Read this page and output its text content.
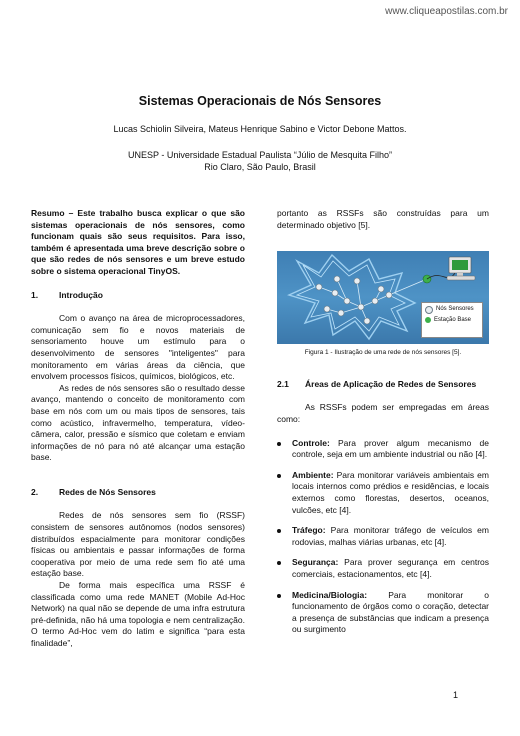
www.cliqueapostilas.com.br
Sistemas Operacionais de Nós Sensores
Lucas Schiolin Silveira, Mateus Henrique Sabino e Victor Debone Mattos.
UNESP - Universidade Estadual Paulista “Júlio de Mesquita Filho”
Rio Claro, São Paulo, Brasil

Resumo – Este trabalho busca explicar o que são sistemas operacionais de nós sensores, como funcionam quais são seus requisitos. Para isso, também é apresentada uma breve descrição sobre o que são redes de nós sensores e um breve estudo sobre o sistema operacional TinyOS.

1. Introdução

Com o avanço na área de microprocessadores, comunicação sem fio e novos materiais de sensoriamento houve um estímulo para o desenvolvimento de sensores "inteligentes" para monitoramento em várias áreas da ciência, que envolvem processos físicos, químicos, biológicos, etc.

As redes de nós sensores são o resultado desse avanço, mantendo o conceito de monitoramento com base em nós com um ou mais tipos de sensores, tais como acústico, infravermelho, temperatura, vídeo-câmera, calor, pressão e sísmico que coletam e enviam informações de nó para nó até alcançar uma estação base.

2. Redes de Nós Sensores

Redes de nós sensores sem fio (RSSF) consistem de sensores autônomos (nodos sensores) distribuídos espacialmente para monitorar condições físicas ou ambientais e passar informações de forma cooperativa por meio de uma rede sem fio até uma estação base.

De forma mais específica uma RSSF é classificada como uma rede MANET (Mobile Ad-Hoc Network) na qual não se depende de uma infra estrutura pré-definida, não há uma topologia e nem centralização. O termo Ad-Hoc vem do latim e significa “para esta finalidade”,

portanto as RSSFs são construídas para um determinado objetivo [5].

Nós Sensores
Estação Base

Figura 1 - Ilustração de uma rede de nós sensores [5].

2.1 Áreas de Aplicação de Redes de Sensores

As RSSFs podem ser empregadas em áreas como:

Controle: Para prover algum mecanismo de controle, seja em um ambiente industrial ou não [4].
Ambiente: Para monitorar variáveis ambientais em locais internos como prédios e residências, e locais externos como florestas, desertos, oceanos, vulcões, etc [4].
Tráfego: Para monitorar tráfego de veículos em rodovias, malhas viárias urbanas, etc [4].
Segurança: Para prover segurança em centros comerciais, estacionamentos, etc [4].
Medicina/Biologia: Para monitorar o funcionamento de órgãos como o coração, detectar a presença de substâncias que indicam a presença ou surgimento
1
